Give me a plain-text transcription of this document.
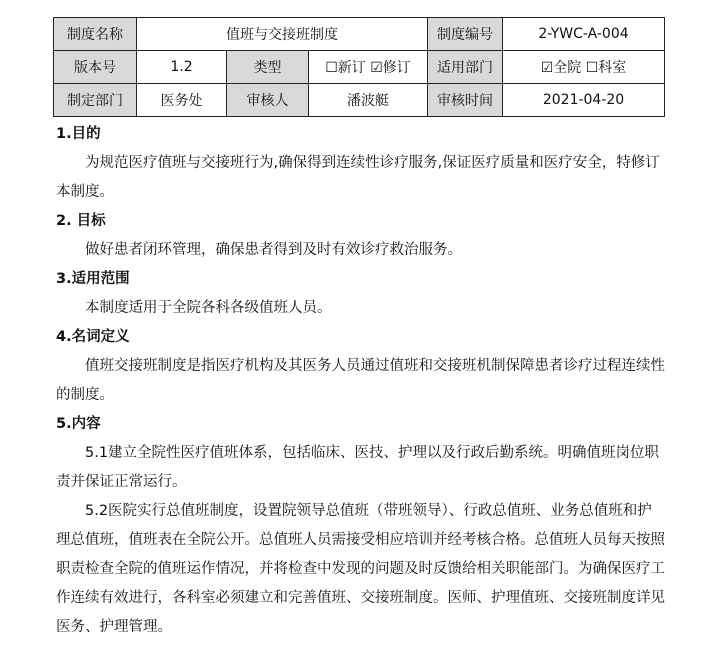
制度名称	值班与交接班制度			制度编号	2-YWC-A-004
版本号	1.2	类型	☐新订 ☑修订	适用部门	☑全院 ☐科室
制定部门	医务处	审核人	潘波艇	审核时间	2021-04-20
1.目的
为规范医疗值班与交接班行为,确保得到连续性诊疗服务,保证医疗质量和医疗安全，特修订本制度。
2. 目标
做好患者闭环管理，确保患者得到及时有效诊疗救治服务。
3.适用范围
本制度适用于全院各科各级值班人员。
4.名词定义
值班交接班制度是指医疗机构及其医务人员通过值班和交接班机制保障患者诊疗过程连续性的制度。
5.内容
5.1建立全院性医疗值班体系，包括临床、医技、护理以及行政后勤系统。明确值班岗位职责并保证正常运行。
5.2医院实行总值班制度，设置院领导总值班（带班领导）、行政总值班、业务总值班和护理总值班，值班表在全院公开。总值班人员需接受相应培训并经考核合格。总值班人员每天按照职责检查全院的值班运作情况，并将检查中发现的问题及时反馈给相关职能部门。为确保医疗工作连续有效进行，各科室必须建立和完善值班、交接班制度。医师、护理值班、交接班制度详见医务、护理管理。
